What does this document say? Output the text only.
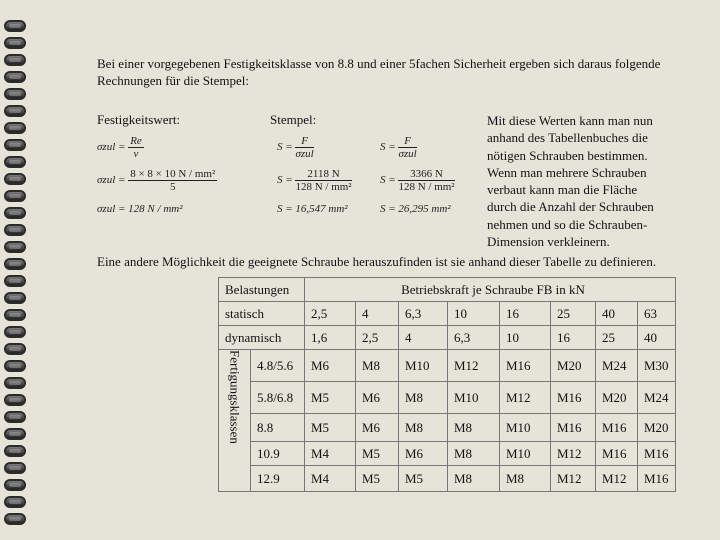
Bei einer vorgegebenen Festigkeitsklasse von 8.8 und einer 5fachen Sicherheit ergeben sich daraus folgende Rechnungen für die Stempel:
Festigkeitswert:	Stempel:
$\sigma zul = \frac{Re}{v}$
$\sigma zul = \frac{\text{8 × 8 × 10 N / mm²}}{5}$
σzul = 128 N / mm²
$S = \frac{F}{\text{σzul}}$
$S = \frac{2118 N}{\text{128 N / mm²}}$
S = 16,547 mm²
$S = \frac{F}{\text{σzul}}$
$S = \frac{3366 N}{\text{128 N / mm²}}$
S = 26,295 mm²
Mit diese Werten kann man nun
anhand des Tabellenbuches die
nötigen Schrauben bestimmen.
Wenn man mehrere Schrauben
verbaut kann man die Fläche
durch die Anzahl der Schrauben
nehmen und so die Schrauben-
Dimension verkleinern.
Eine andere Möglichkeit die geeignete Schraube herauszufinden ist sie anhand dieser Tabelle zu definieren.
Belastungen		Betriebskraft je Schraube FB in kN							
statisch		2,5	4	6,3	10	16	25	40	63
dynamisch		1,6	2,5	4	6,3	10	16	25	40
Fertigungsklassen	4.8/5.6	M6	M8	M10	M12	M16	M20	M24	M30
	5.8/6.8	M5	M6	M8	M10	M12	M16	M20	M24
	8.8	M5	M6	M8	M8	M10	M16	M16	M20
	10.9	M4	M5	M6	M8	M10	M12	M16	M16
	12.9	M4	M5	M5	M8	M8	M12	M12	M16
